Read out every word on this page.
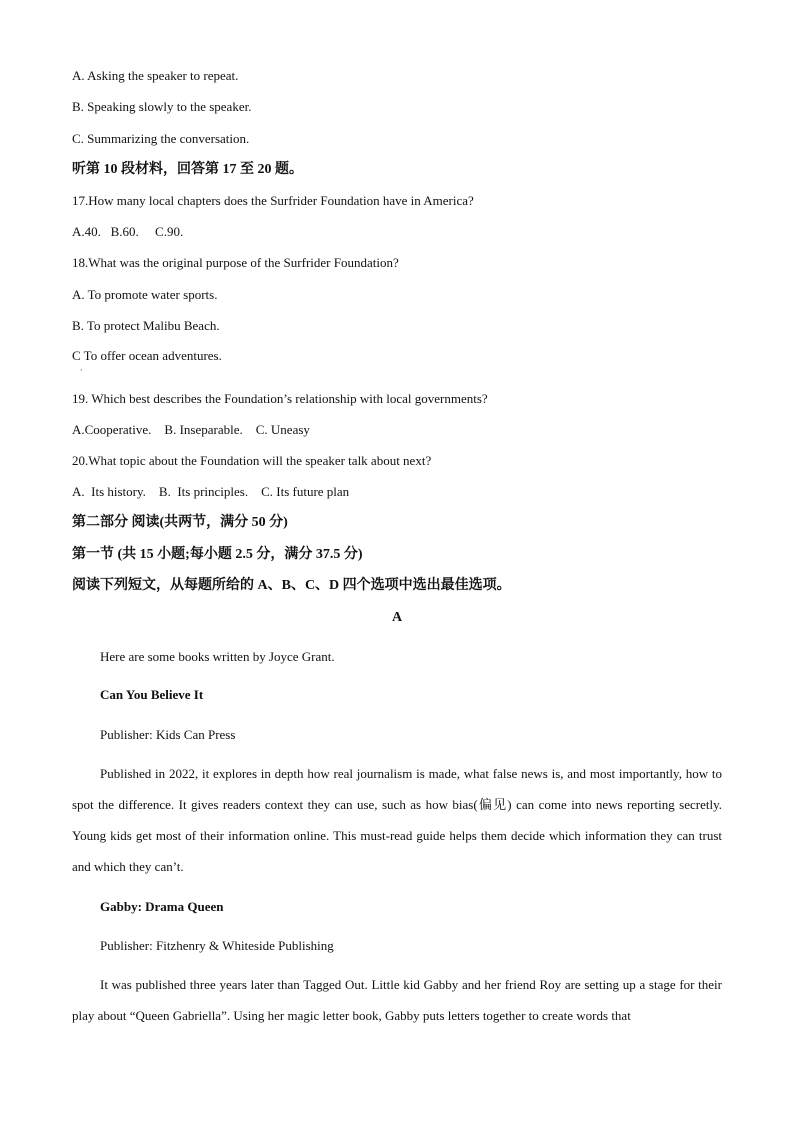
A. Asking the speaker to repeat.
B. Speaking slowly to the speaker.
C. Summarizing the conversation.
听第 10 段材料，回答第 17 至 20 题。
17.How many local chapters does the Surfrider Foundation have in America?
A.40.   B.60.     C.90.
18.What was the original purpose of the Surfrider Foundation?
A. To promote water sports.
B. To protect Malibu Beach.
C To offer ocean adventures.
·
19. Which best describes the Foundation’s relationship with local governments?
A.Cooperative.    B. Inseparable.    C. Uneasy
20.What topic about the Foundation will the speaker talk about next?
A.  Its history.    B.  Its principles.    C. Its future plan
第二部分 阅读(共两节，满分 50 分)
第一节 (共 15 小题;每小题 2.5 分，满分 37.5 分)
阅读下列短文，从每题所给的 A、B、C、D 四个选项中选出最佳选项。
A
Here are some books written by Joyce Grant.
Can You Believe It
Publisher: Kids Can Press
Published in 2022, it explores in depth how real journalism is made, what false news is, and most importantly, how to spot the difference. It gives readers context they can use, such as how bias(偏见) can come into news reporting secretly. Young kids get most of their information online. This must-read guide helps them decide which information they can trust and which they can’t.
Gabby: Drama Queen
Publisher: Fitzhenry & Whiteside Publishing
It was published three years later than Tagged Out. Little kid Gabby and her friend Roy are setting up a stage for their play about “Queen Gabriella”. Using her magic letter book, Gabby puts letters together to create words that
